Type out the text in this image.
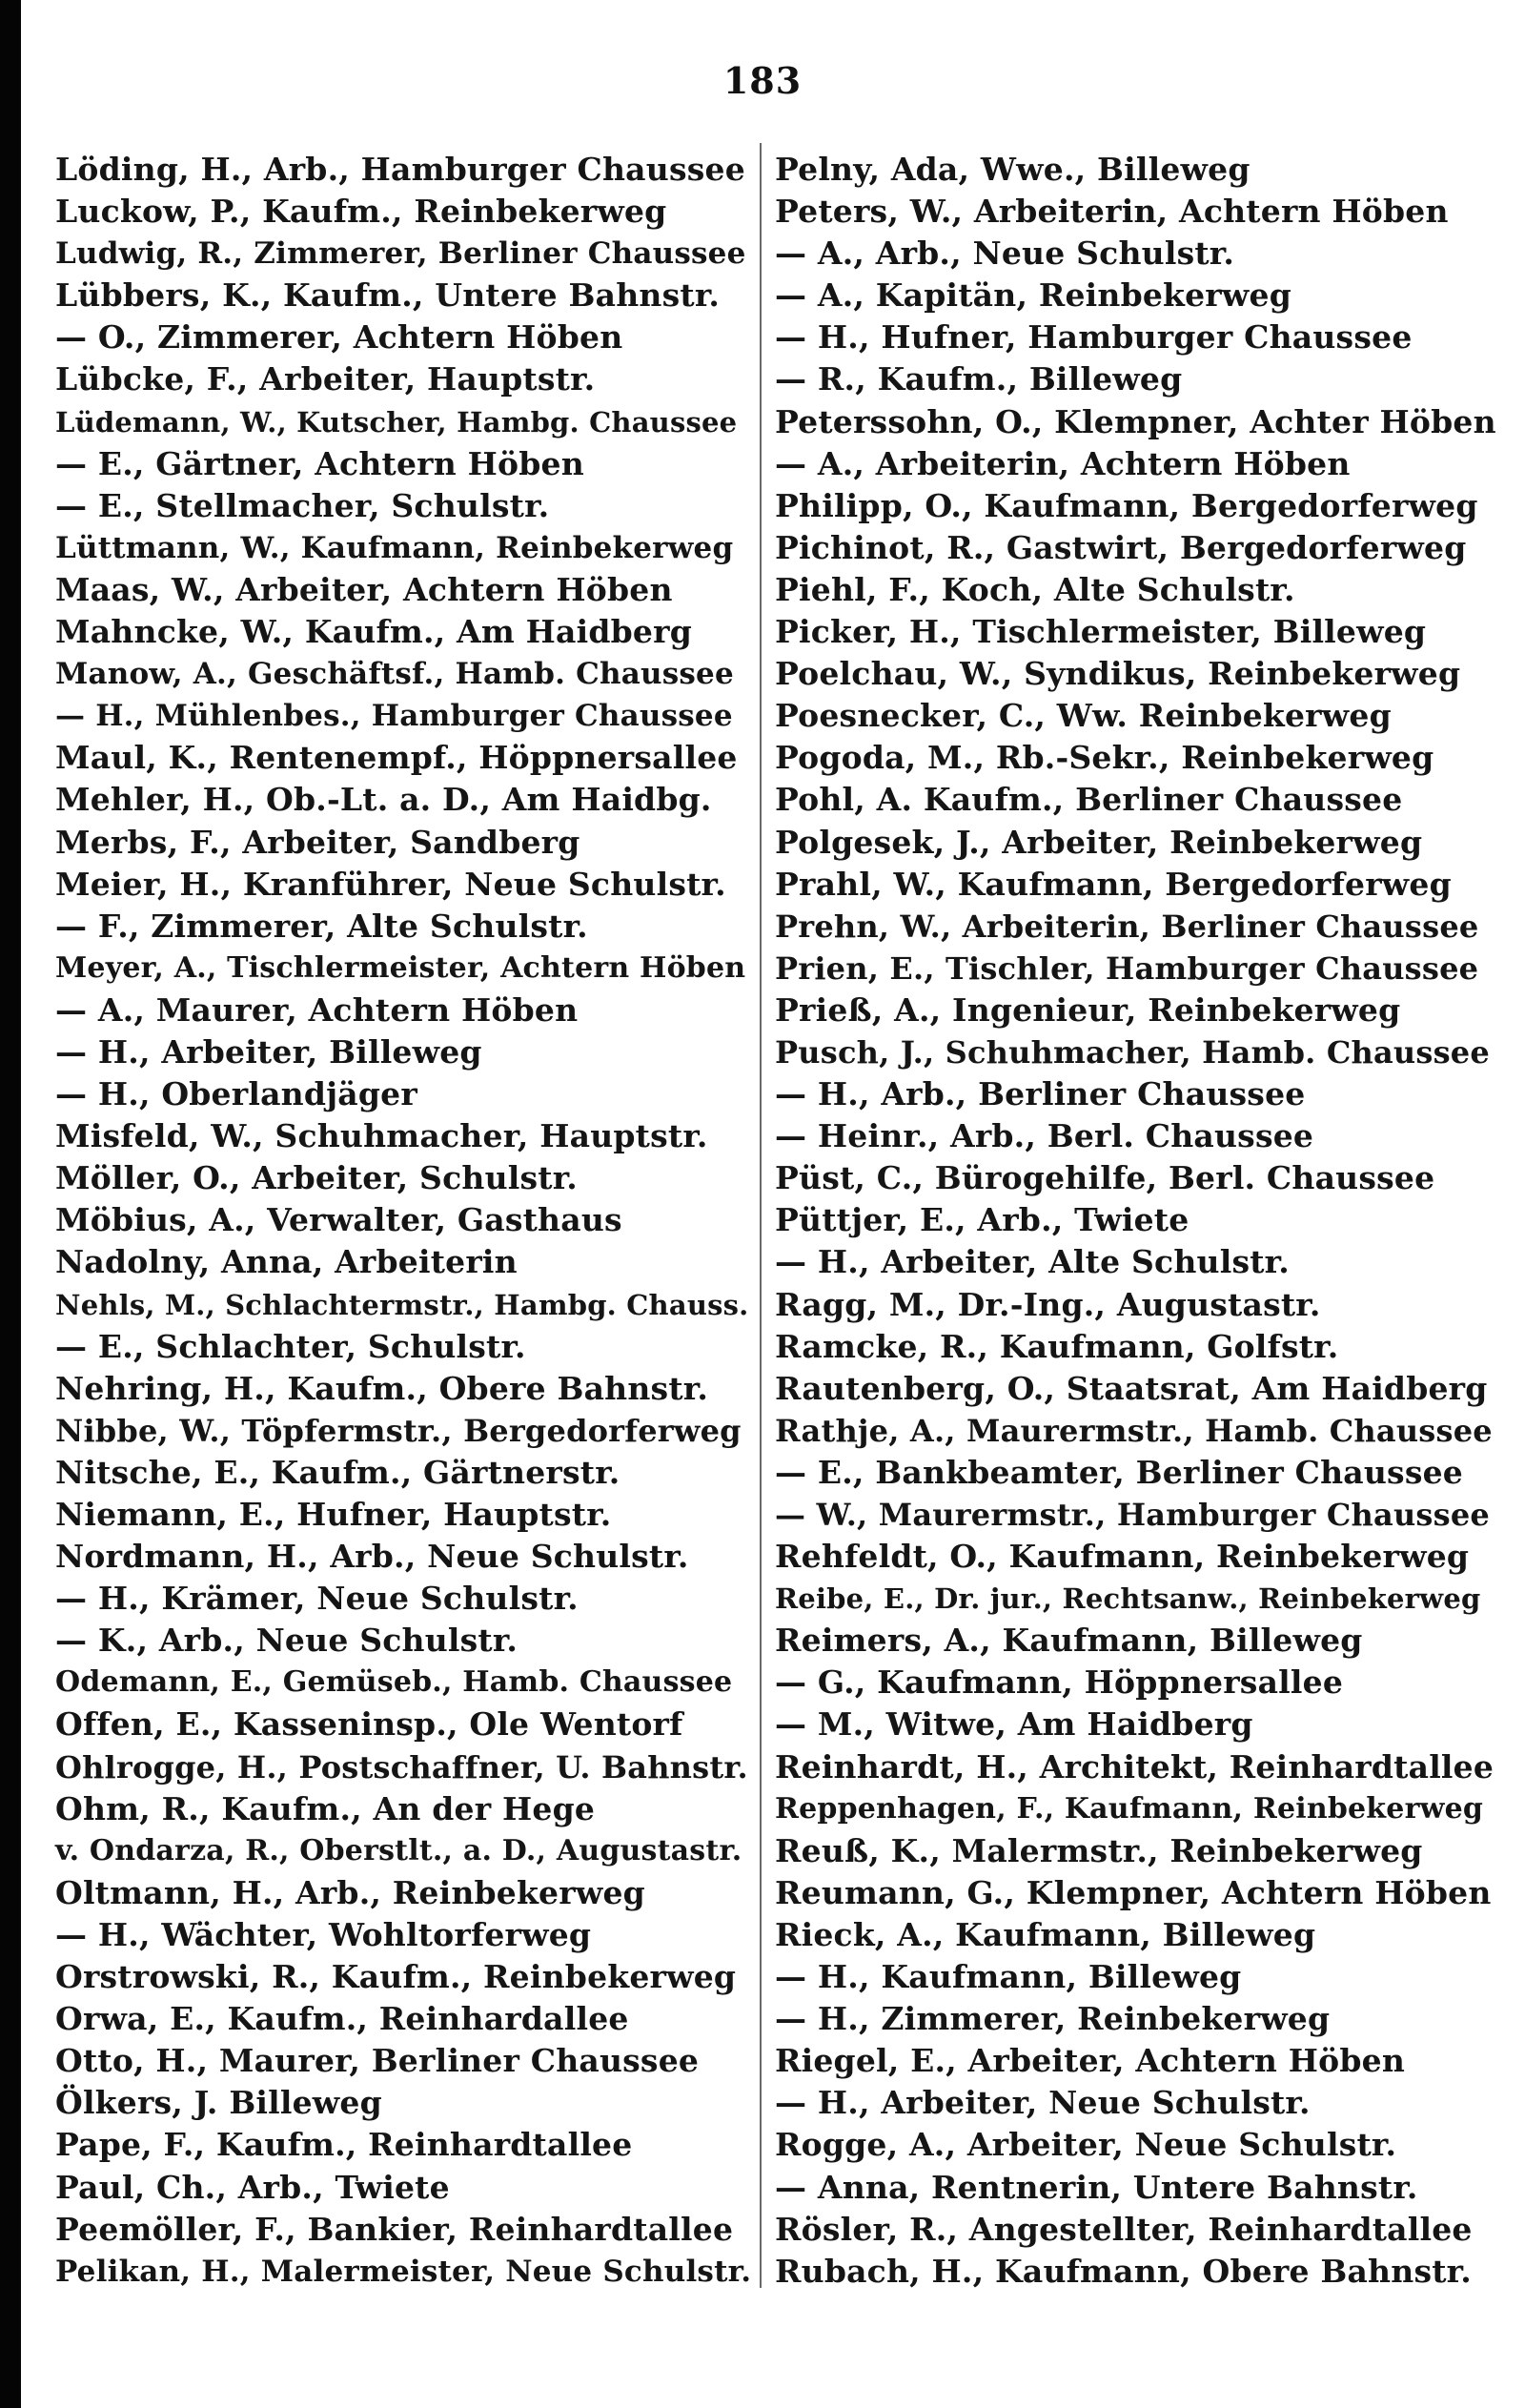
183
Löding, H., Arb., Hamburger Chaussee
Luckow, P., Kaufm., Reinbekerweg
Ludwig, R., Zimmerer, Berliner Chaussee
Lübbers, K., Kaufm., Untere Bahnstr.
— O., Zimmerer, Achtern Höben
Lübcke, F., Arbeiter, Hauptstr.
Lüdemann, W., Kutscher, Hambg. Chaussee
— E., Gärtner, Achtern Höben
— E., Stellmacher, Schulstr.
Lüttmann, W., Kaufmann, Reinbekerweg
Maas, W., Arbeiter, Achtern Höben
Mahncke, W., Kaufm., Am Haidberg
Manow, A., Geschäftsf., Hamb. Chaussee
— H., Mühlenbes., Hamburger Chaussee
Maul, K., Rentenempf., Höppnersallee
Mehler, H., Ob.-Lt. a. D., Am Haidbg.
Merbs, F., Arbeiter, Sandberg
Meier, H., Kranführer, Neue Schulstr.
— F., Zimmerer, Alte Schulstr.
Meyer, A., Tischlermeister, Achtern Höben
— A., Maurer, Achtern Höben
— H., Arbeiter, Billeweg
— H., Oberlandjäger
Misfeld, W., Schuhmacher, Hauptstr.
Möller, O., Arbeiter, Schulstr.
Möbius, A., Verwalter, Gasthaus
Nadolny, Anna, Arbeiterin
Nehls, M., Schlachtermstr., Hambg. Chauss.
— E., Schlachter, Schulstr.
Nehring, H., Kaufm., Obere Bahnstr.
Nibbe, W., Töpfermstr., Bergedorferweg
Nitsche, E., Kaufm., Gärtnerstr.
Niemann, E., Hufner, Hauptstr.
Nordmann, H., Arb., Neue Schulstr.
— H., Krämer, Neue Schulstr.
— K., Arb., Neue Schulstr.
Odemann, E., Gemüseb., Hamb. Chaussee
Offen, E., Kasseninsp., Ole Wentorf
Ohlrogge, H., Postschaffner, U. Bahnstr.
Ohm, R., Kaufm., An der Hege
v. Ondarza, R., Oberstlt., a. D., Augustastr.
Oltmann, H., Arb., Reinbekerweg
— H., Wächter, Wohltorferweg
Orstrowski, R., Kaufm., Reinbekerweg
Orwa, E., Kaufm., Reinhardallee
Otto, H., Maurer, Berliner Chaussee
Ölkers, J. Billeweg
Pape, F., Kaufm., Reinhardtallee
Paul, Ch., Arb., Twiete
Peemöller, F., Bankier, Reinhardtallee
Pelikan, H., Malermeister, Neue Schulstr.
Pelny, Ada, Wwe., Billeweg
Peters, W., Arbeiterin, Achtern Höben
— A., Arb., Neue Schulstr.
— A., Kapitän, Reinbekerweg
— H., Hufner, Hamburger Chaussee
— R., Kaufm., Billeweg
Peterssohn, O., Klempner, Achter Höben
— A., Arbeiterin, Achtern Höben
Philipp, O., Kaufmann, Bergedorferweg
Pichinot, R., Gastwirt, Bergedorferweg
Piehl, F., Koch, Alte Schulstr.
Picker, H., Tischlermeister, Billeweg
Poelchau, W., Syndikus, Reinbekerweg
Poesnecker, C., Ww. Reinbekerweg
Pogoda, M., Rb.-Sekr., Reinbekerweg
Pohl, A. Kaufm., Berliner Chaussee
Polgesek, J., Arbeiter, Reinbekerweg
Prahl, W., Kaufmann, Bergedorferweg
Prehn, W., Arbeiterin, Berliner Chaussee
Prien, E., Tischler, Hamburger Chaussee
Prieß, A., Ingenieur, Reinbekerweg
Pusch, J., Schuhmacher, Hamb. Chaussee
— H., Arb., Berliner Chaussee
— Heinr., Arb., Berl. Chaussee
Püst, C., Bürogehilfe, Berl. Chaussee
Püttjer, E., Arb., Twiete
— H., Arbeiter, Alte Schulstr.
Ragg, M., Dr.-Ing., Augustastr.
Ramcke, R., Kaufmann, Golfstr.
Rautenberg, O., Staatsrat, Am Haidberg
Rathje, A., Maurermstr., Hamb. Chaussee
— E., Bankbeamter, Berliner Chaussee
— W., Maurermstr., Hamburger Chaussee
Rehfeldt, O., Kaufmann, Reinbekerweg
Reibe, E., Dr. jur., Rechtsanw., Reinbekerweg
Reimers, A., Kaufmann, Billeweg
— G., Kaufmann, Höppnersallee
— M., Witwe, Am Haidberg
Reinhardt, H., Architekt, Reinhardtallee
Reppenhagen, F., Kaufmann, Reinbekerweg
Reuß, K., Malermstr., Reinbekerweg
Reumann, G., Klempner, Achtern Höben
Rieck, A., Kaufmann, Billeweg
— H., Kaufmann, Billeweg
— H., Zimmerer, Reinbekerweg
Riegel, E., Arbeiter, Achtern Höben
— H., Arbeiter, Neue Schulstr.
Rogge, A., Arbeiter, Neue Schulstr.
— Anna, Rentnerin, Untere Bahnstr.
Rösler, R., Angestellter, Reinhardtallee
Rubach, H., Kaufmann, Obere Bahnstr.
